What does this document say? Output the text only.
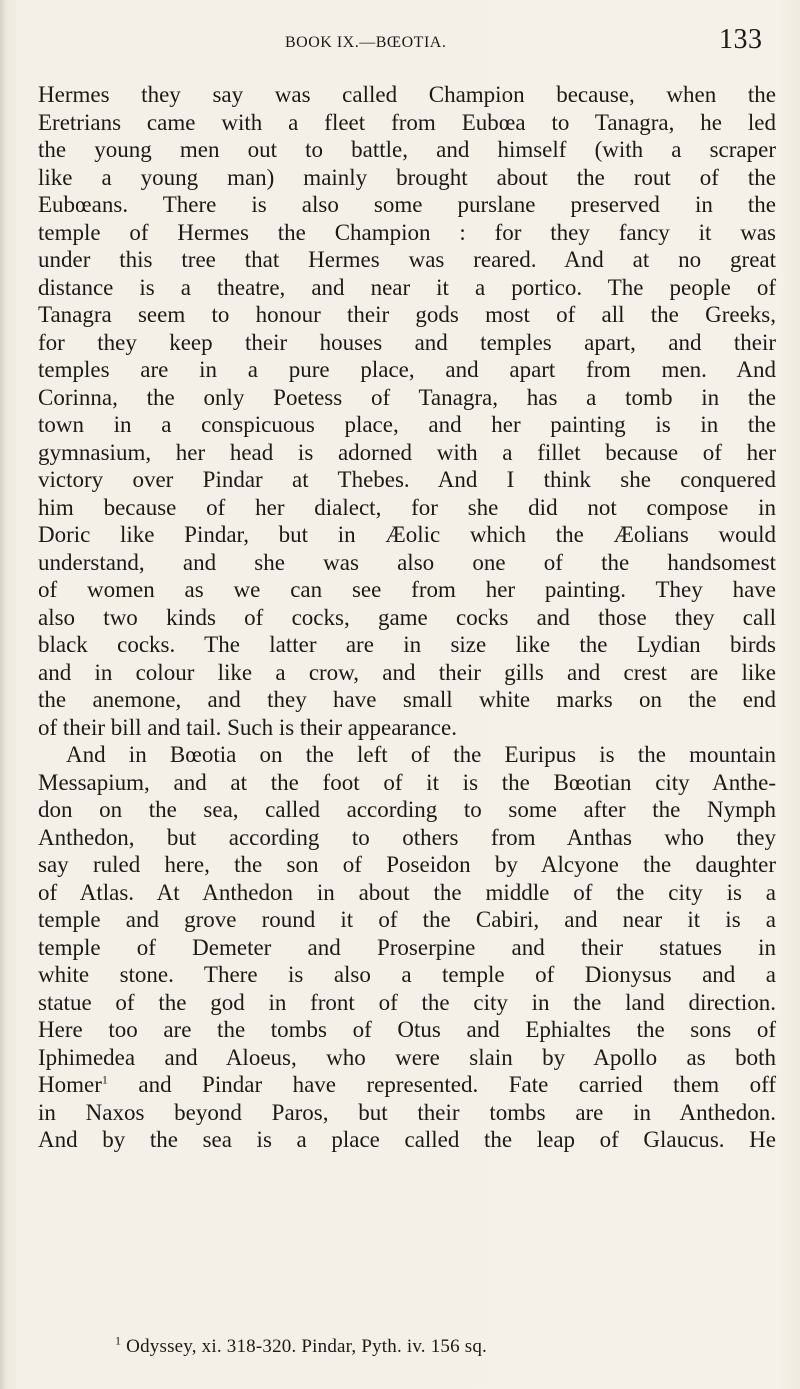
BOOK IX.—BŒOTIA.	133
Hermes they say was called Champion because, when the
Eretrians came with a fleet from Eubœa to Tanagra, he led
the young men out to battle, and himself (with a scraper
like a young man) mainly brought about the rout of the
Eubœans. There is also some purslane preserved in the
temple of Hermes the Champion : for they fancy it was
under this tree that Hermes was reared. And at no great
distance is a theatre, and near it a portico. The people of
Tanagra seem to honour their gods most of all the Greeks,
for they keep their houses and temples apart, and their
temples are in a pure place, and apart from men. And
Corinna, the only Poetess of Tanagra, has a tomb in the
town in a conspicuous place, and her painting is in the
gymnasium, her head is adorned with a fillet because of her
victory over Pindar at Thebes. And I think she conquered
him because of her dialect, for she did not compose in
Doric like Pindar, but in Æolic which the Æolians would
understand, and she was also one of the handsomest
of women as we can see from her painting. They have
also two kinds of cocks, game cocks and those they call
black cocks. The latter are in size like the Lydian birds
and in colour like a crow, and their gills and crest are like
the anemone, and they have small white marks on the end
of their bill and tail. Such is their appearance.
And in Bœotia on the left of the Euripus is the mountain
Messapium, and at the foot of it is the Bœotian city Anthe-
don on the sea, called according to some after the Nymph
Anthedon, but according to others from Anthas who they
say ruled here, the son of Poseidon by Alcyone the daughter
of Atlas. At Anthedon in about the middle of the city is a
temple and grove round it of the Cabiri, and near it is a
temple of Demeter and Proserpine and their statues in
white stone. There is also a temple of Dionysus and a
statue of the god in front of the city in the land direction.
Here too are the tombs of Otus and Ephialtes the sons of
Iphimedea and Aloeus, who were slain by Apollo as both
Homer$^1$ and Pindar have represented. Fate carried them off
in Naxos beyond Paros, but their tombs are in Anthedon.
And by the sea is a place called the leap of Glaucus. He
$^1$ Odyssey, xi. 318-320. Pindar, Pyth. iv. 156 sq.
